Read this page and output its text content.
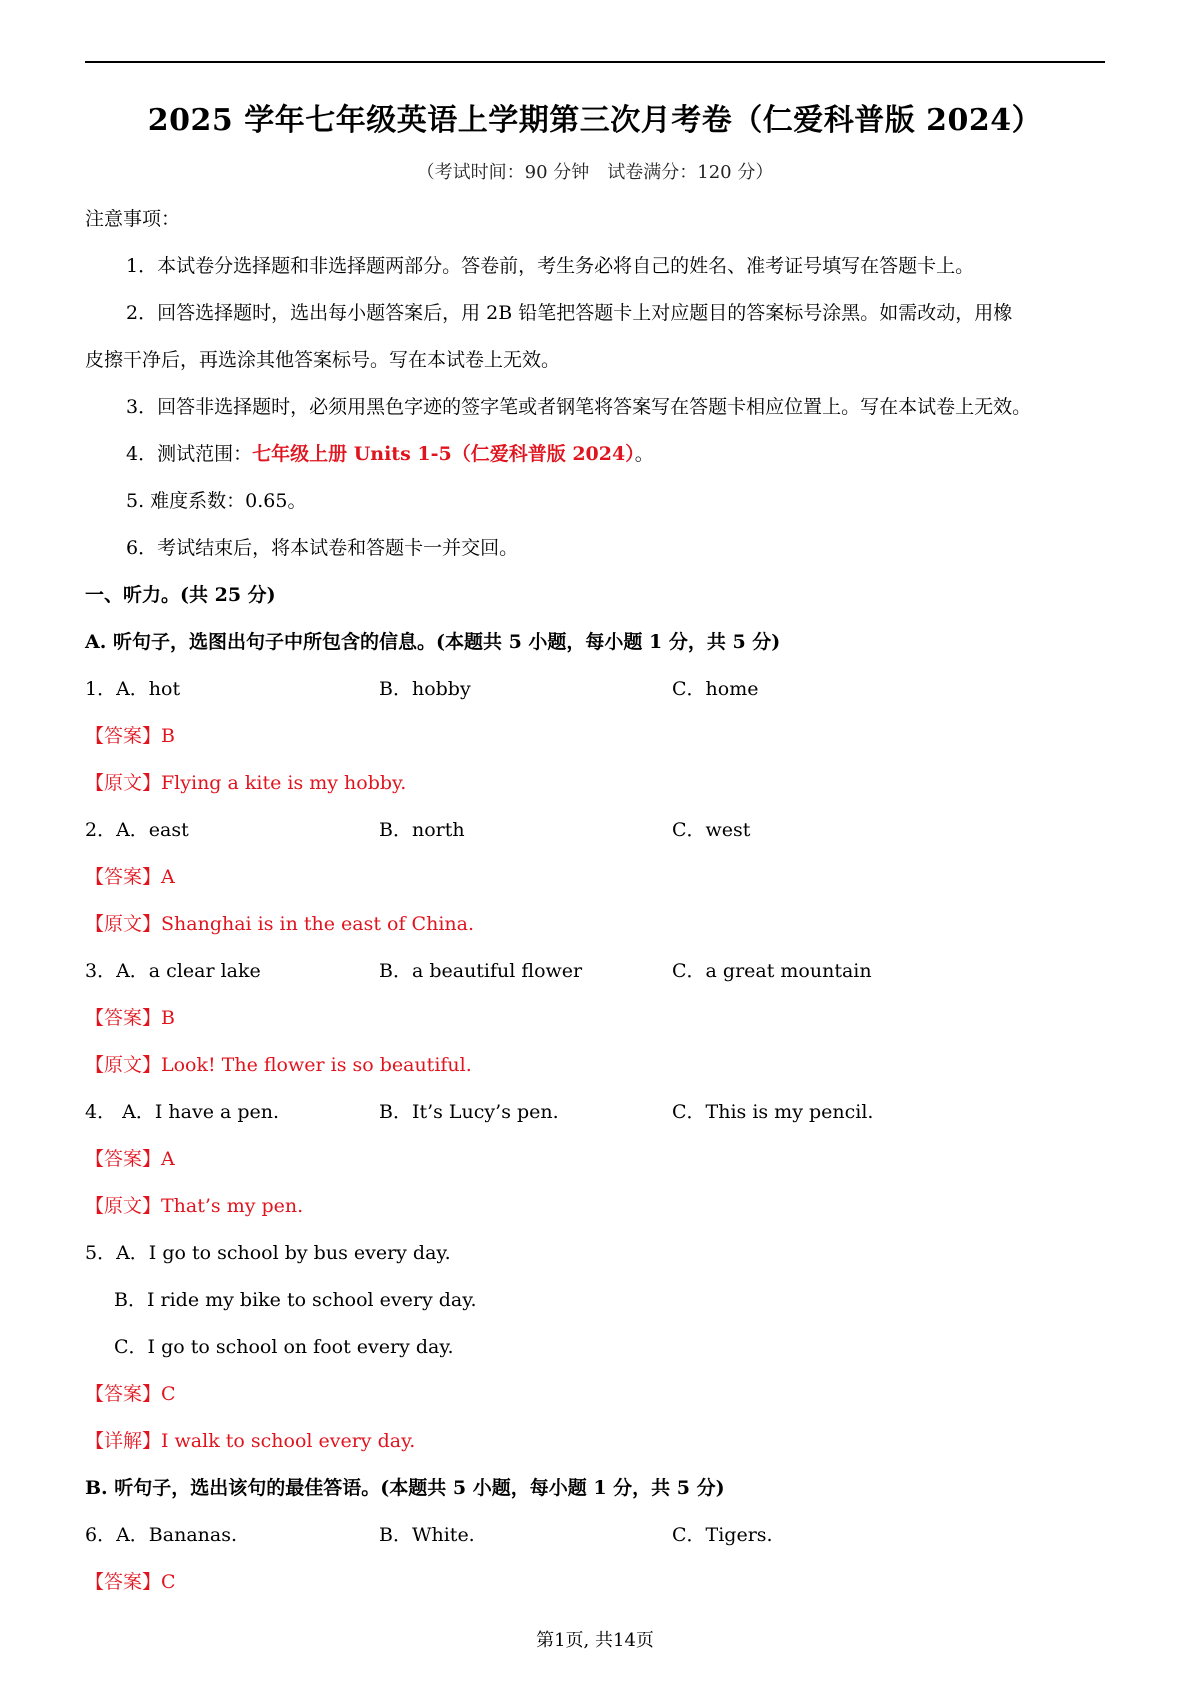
2025 学年七年级英语上学期第三次月考卷（仁爱科普版 2024）
（考试时间：90 分钟　试卷满分：120 分）
注意事项：
1．本试卷分选择题和非选择题两部分。答卷前，考生务必将自己的姓名、准考证号填写在答题卡上。
2．回答选择题时，选出每小题答案后，用 2B 铅笔把答题卡上对应题目的答案标号涂黑。如需改动，用橡
皮擦干净后，再选涂其他答案标号。写在本试卷上无效。
3．回答非选择题时，必须用黑色字迹的签字笔或者钢笔将答案写在答题卡相应位置上。写在本试卷上无效。
4．测试范围：七年级上册 Units 1-5（仁爱科普版 2024）。
5. 难度系数：0.65。
6．考试结束后，将本试卷和答题卡一并交回。
一、听力。(共 25 分)
A. 听句子，选图出句子中所包含的信息。(本题共 5 小题，每小题 1 分，共 5 分)
1．A．hot	B．hobby	C．home
【答案】B
【原文】Flying a kite is my hobby.
2．A．east	B．north	C．west
【答案】A
【原文】Shanghai is in the east of China.
3．A．a clear lake	B．a beautiful flower	C．a great mountain
【答案】B
【原文】Look! The flower is so beautiful.
4． A．I have a pen.	B．It’s Lucy’s pen.	C．This is my pencil.
【答案】A
【原文】That’s my pen.
5．A．I go to school by bus every day.
B．I ride my bike to school every day.
C．I go to school on foot every day.
【答案】C
【详解】I walk to school every day.
B. 听句子，选出该句的最佳答语。(本题共 5 小题，每小题 1 分，共 5 分)
6．A．Bananas.	B．White.	C．Tigers.
【答案】C
第1页, 共14页
